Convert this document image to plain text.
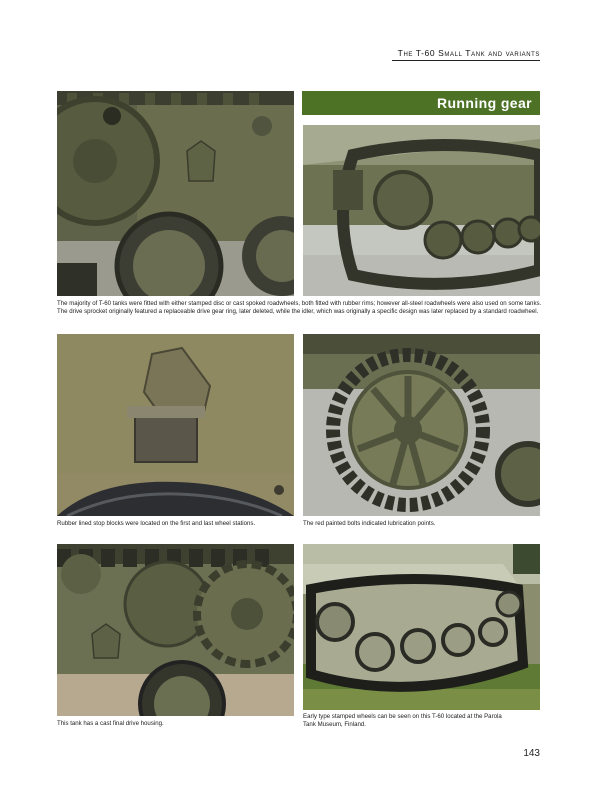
The T-60 Small Tank and variants
Running gear
The majority of T-60 tanks were fitted with either stamped disc or cast spoked roadwheels, both fitted with rubber rims; however all-steel roadwheels were also used on some tanks. The drive sprocket originally featured a replaceable drive gear ring, later deleted, while the idler, which was originally a specific design was later replaced by a standard roadwheel.
Rubber lined stop blocks were located on the first and last wheel stations.	The red painted bolts indicated lubrication points.
This tank has a cast final drive housing.
Early type stamped wheels can be seen on this T-60 located at the Parola Tank Museum, Finland.
143
